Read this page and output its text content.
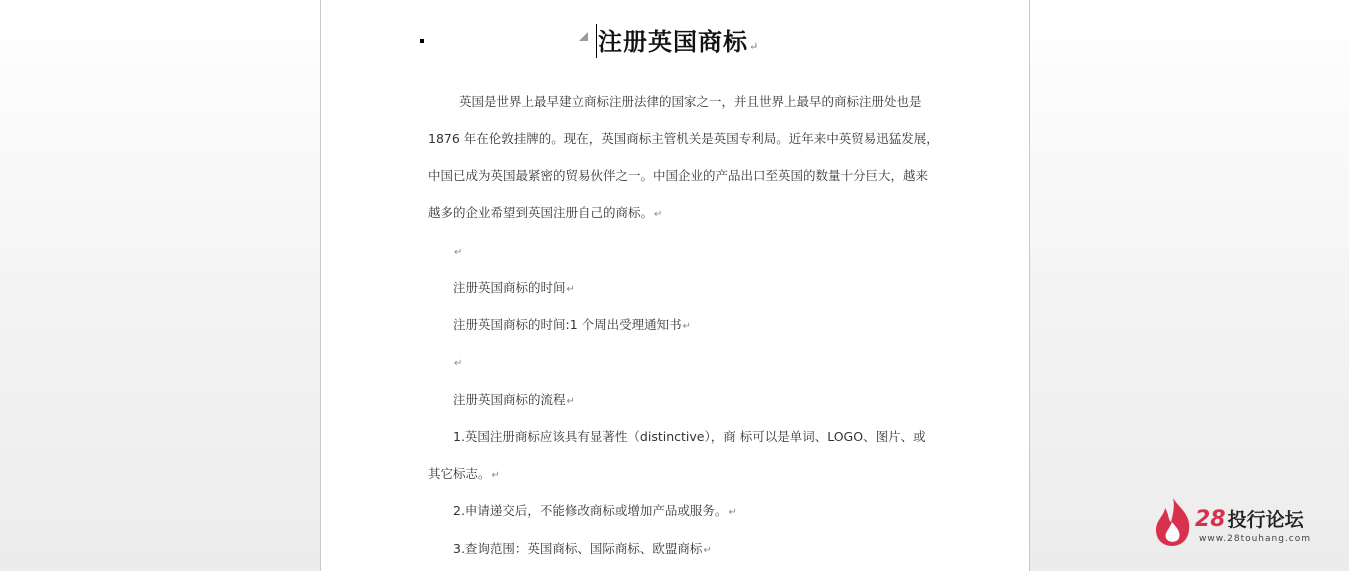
注册英国商标↵

英国是世界上最早建立商标注册法律的国家之一，并且世界上最早的商标注册处也是

1876 年在伦敦挂牌的。现在，英国商标主管机关是英国专利局。近年来中英贸易迅猛发展，

中国已成为英国最紧密的贸易伙伴之一。中国企业的产品出口至英国的数量十分巨大，越来

越多的企业希望到英国注册自己的商标。↵

↵

注册英国商标的时间↵

注册英国商标的时间:1 个周出受理通知书↵

↵

注册英国商标的流程↵

1.英国注册商标应该具有显著性（distinctive），商 标可以是单词、LOGO、图片、或

其它标志。↵

2.申请递交后，不能修改商标或增加产品或服务。↵

3.查询范围：英国商标、国际商标、欧盟商标↵

28 投行论坛
www.28touhang.com
